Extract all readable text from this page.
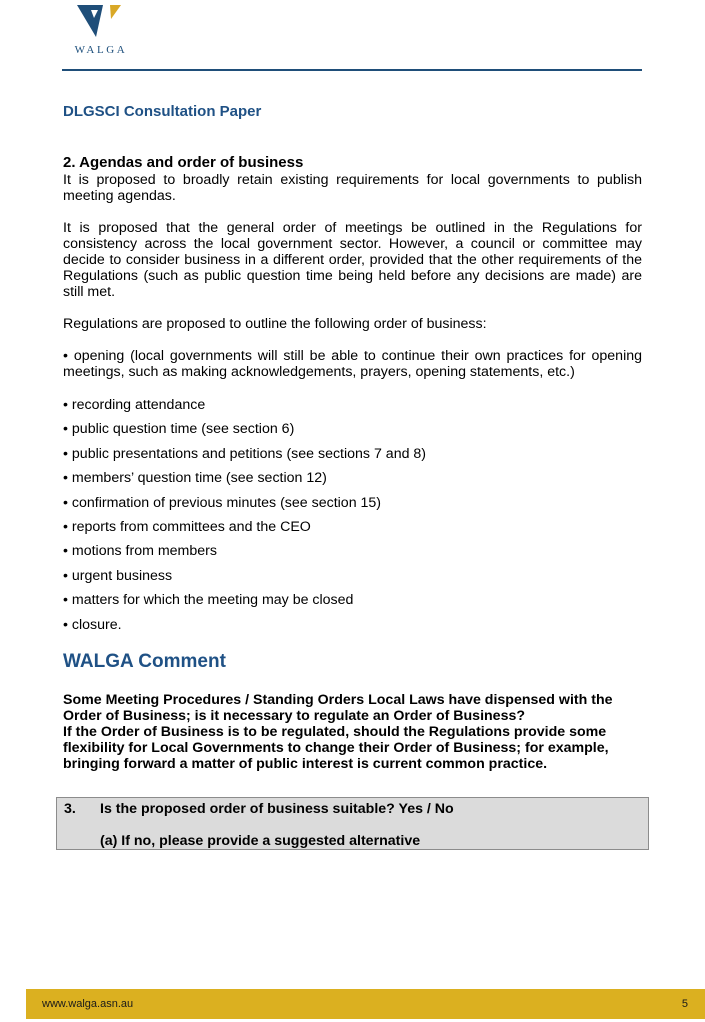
WALGA
DLGSCI Consultation Paper
2. Agendas and order of business

It is proposed to broadly retain existing requirements for local governments to publish meeting agendas.

It is proposed that the general order of meetings be outlined in the Regulations for consistency across the local government sector. However, a council or committee may decide to consider business in a different order, provided that the other requirements of the Regulations (such as public question time being held before any decisions are made) are still met.

Regulations are proposed to outline the following order of business:

• opening (local governments will still be able to continue their own practices for opening meetings, such as making acknowledgements, prayers, opening statements, etc.)

• recording attendance
• public question time (see section 6)
• public presentations and petitions (see sections 7 and 8)
• members’ question time (see section 12)
• confirmation of previous minutes (see section 15)
• reports from committees and the CEO
• motions from members
• urgent business
• matters for which the meeting may be closed
• closure.
WALGA Comment

Some Meeting Procedures / Standing Orders Local Laws have dispensed with the Order of Business; is it necessary to regulate an Order of Business?

If the Order of Business is to be regulated, should the Regulations provide some flexibility for Local Governments to change their Order of Business; for example, bringing forward a matter of public interest is current common practice.

3. Is the proposed order of business suitable? Yes / No
(a) If no, please provide a suggested alternative
www.walga.asn.au	5
